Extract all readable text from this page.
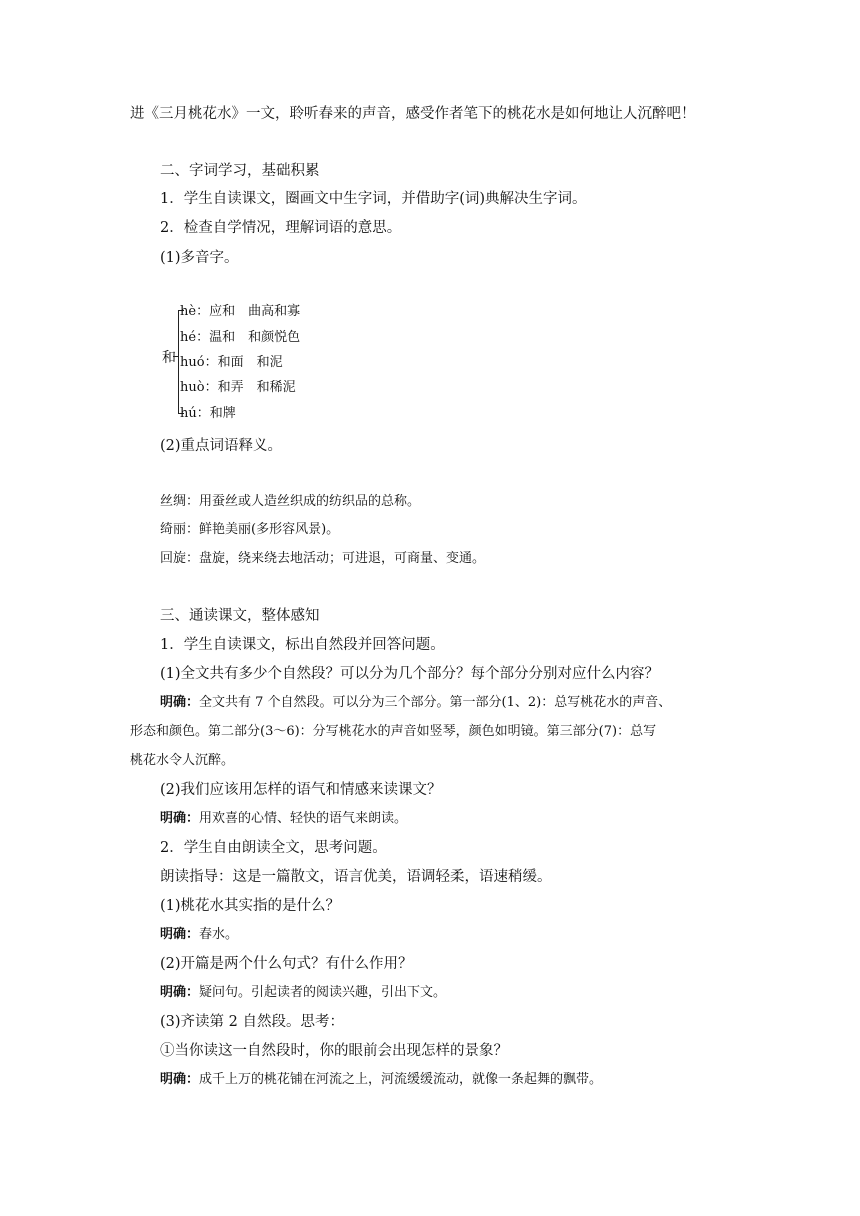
进《三月桃花水》一文，聆听春来的声音，感受作者笔下的桃花水是如何地让人沉醉吧！
二、字词学习，基础积累
1．学生自读课文，圈画文中生字词，并借助字(词)典解决生字词。
2．检查自学情况，理解词语的意思。
(1)多音字。
和
hè：应和　曲高和寡
hé：温和　和颜悦色
huó：和面　和泥
huò：和弄　和稀泥
hú：和牌
(2)重点词语释义。
丝绸：用蚕丝或人造丝织成的纺织品的总称。
绮丽：鲜艳美丽(多形容风景)。
回旋：盘旋，绕来绕去地活动；可进退，可商量、变通。
三、通读课文，整体感知
1．学生自读课文，标出自然段并回答问题。
(1)全文共有多少个自然段？可以分为几个部分？每个部分分别对应什么内容？
明确：全文共有 7 个自然段。可以分为三个部分。第一部分(1、2)：总写桃花水的声音、
形态和颜色。第二部分(3～6)：分写桃花水的声音如竖琴，颜色如明镜。第三部分(7)：总写
桃花水令人沉醉。
(2)我们应该用怎样的语气和情感来读课文？
明确：用欢喜的心情、轻快的语气来朗读。
2．学生自由朗读全文，思考问题。
朗读指导：这是一篇散文，语言优美，语调轻柔，语速稍缓。
(1)桃花水其实指的是什么？
明确：春水。
(2)开篇是两个什么句式？有什么作用？
明确：疑问句。引起读者的阅读兴趣，引出下文。
(3)齐读第 2 自然段。思考：
①当你读这一自然段时，你的眼前会出现怎样的景象？
明确：成千上万的桃花铺在河流之上，河流缓缓流动，就像一条起舞的飘带。
